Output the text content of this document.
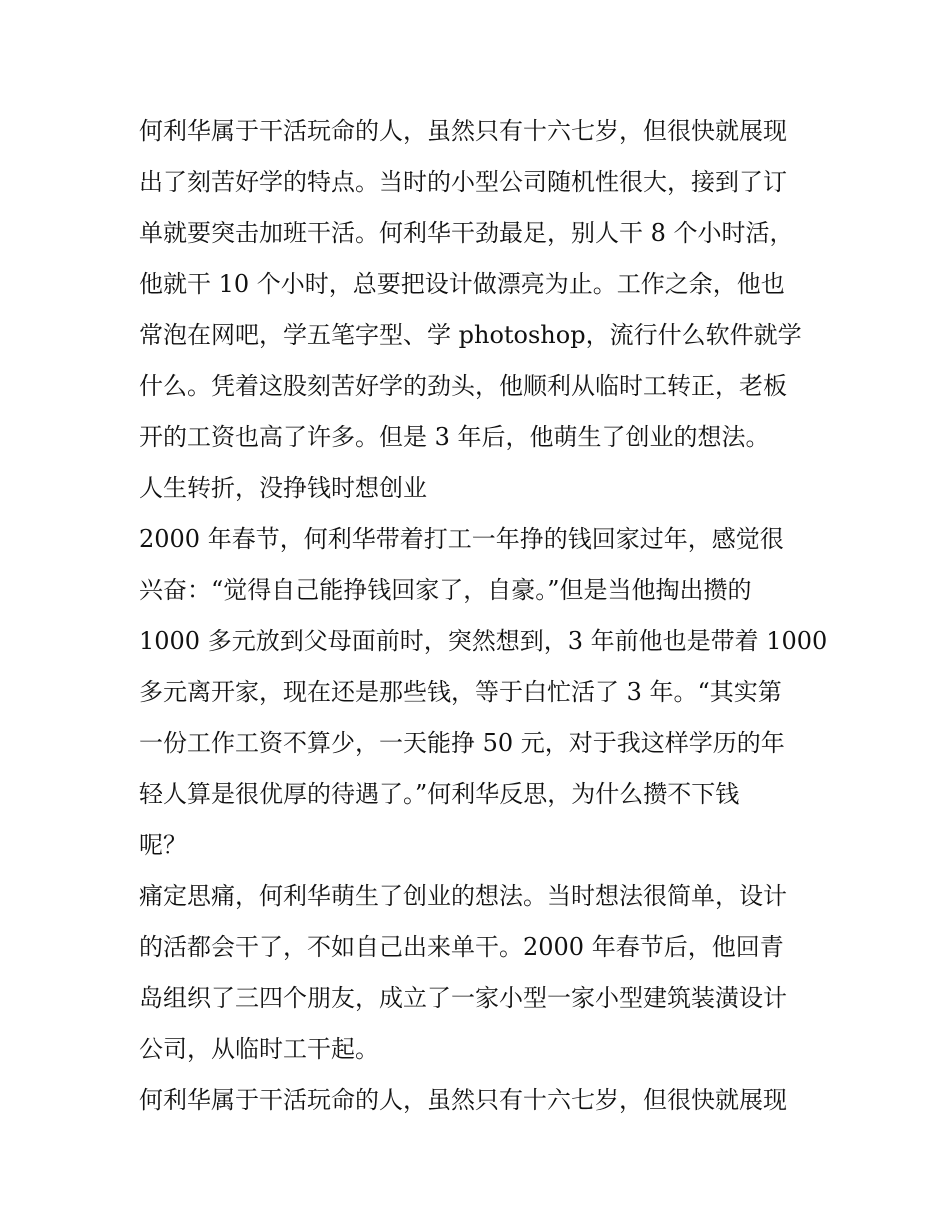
何利华属于干活玩命的人，虽然只有十六七岁，但很快就展现
出了刻苦好学的特点。当时的小型公司随机性很大，接到了订
单就要突击加班干活。何利华干劲最足，别人干 8 个小时活，
他就干 10 个小时，总要把设计做漂亮为止。工作之余，他也
常泡在网吧，学五笔字型、学 photoshop，流行什么软件就学
什么。凭着这股刻苦好学的劲头，他顺利从临时工转正，老板
开的工资也高了许多。但是 3 年后，他萌生了创业的想法。
人生转折，没挣钱时想创业
2000 年春节，何利华带着打工一年挣的钱回家过年，感觉很
兴奋：“觉得自己能挣钱回家了，自豪。”但是当他掏出攒的
1000 多元放到父母面前时，突然想到，3 年前他也是带着 1000
多元离开家，现在还是那些钱，等于白忙活了 3 年。“其实第
一份工作工资不算少，一天能挣 50 元，对于我这样学历的年
轻人算是很优厚的待遇了。”何利华反思，为什么攒不下钱
呢？
痛定思痛，何利华萌生了创业的想法。当时想法很简单，设计
的活都会干了，不如自己出来单干。2000 年春节后，他回青
岛组织了三四个朋友，成立了一家小型一家小型建筑装潢设计
公司，从临时工干起。
何利华属于干活玩命的人，虽然只有十六七岁，但很快就展现
